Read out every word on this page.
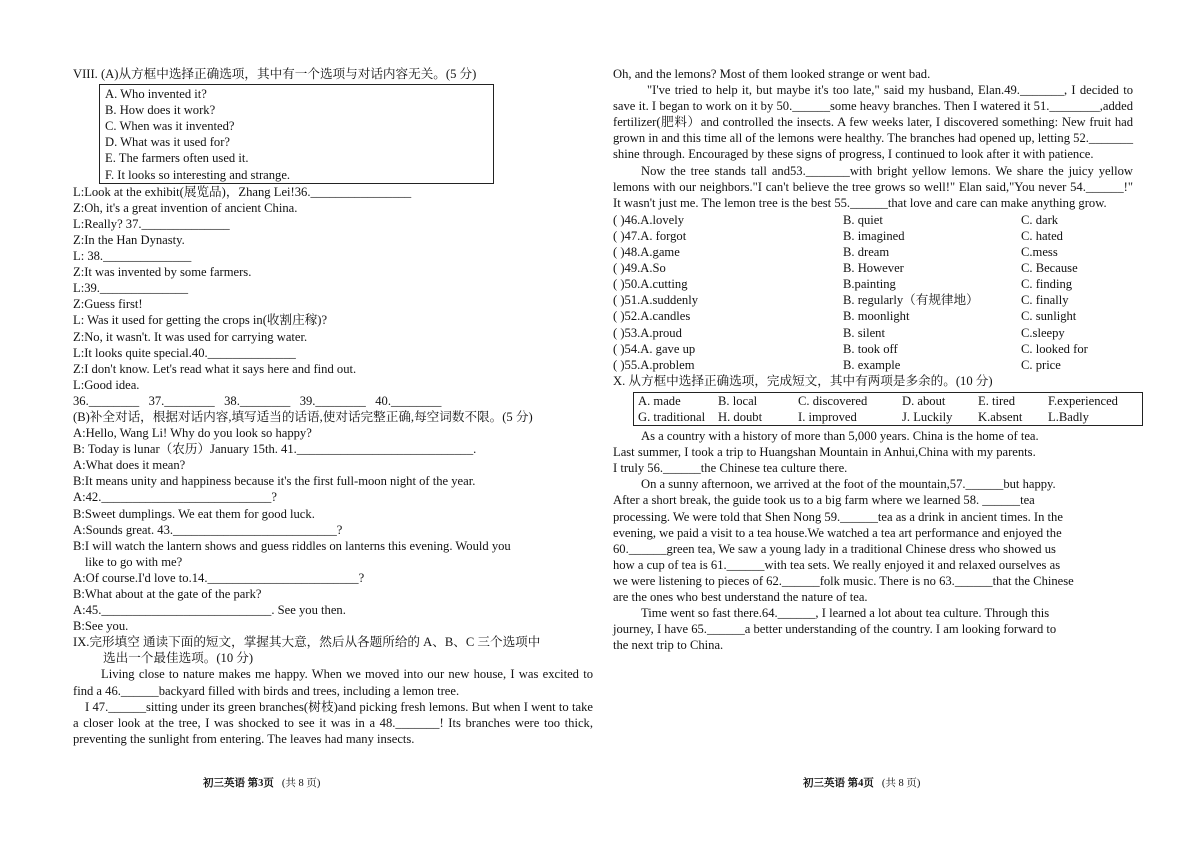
VIII. (A)从方框中选择正确选项，其中有一个选项与对话内容无关。(5 分)
A. Who invented it?
B. How does it work?
C. When was it invented?
D. What was it used for?
E. The farmers often used it.
F. It looks so interesting and strange.
L:Look at the exhibit(展览品)，Zhang Lei!36.________________
Z:Oh, it's a great invention of ancient China.
L:Really? 37.______________
Z:In the Han Dynasty.
L: 38.______________
Z:It was invented by some farmers.
L:39.______________
Z:Guess first!
L: Was it used for getting the crops in(收割庄稼)?
Z:No, it wasn't. It was used for carrying water.
L:It looks quite special.40.______________
Z:I don't know. Let's read what it says here and find out.
L:Good idea.
36.________   37.________   38.________   39.________   40.________
(B)补全对话，根据对话内容,填写适当的话语,使对话完整正确,每空词数不限。(5 分)
A:Hello, Wang Li! Why do you look so happy?
B: Today is lunar（农历）January 15th. 41.____________________________.
A:What does it mean?
B:It means unity and happiness because it's the first full-moon night of the year.
A:42.___________________________?
B:Sweet dumplings. We eat them for good luck.
A:Sounds great. 43.__________________________?
B:I will watch the lantern shows and guess riddles on lanterns this evening. Would you
like to go with me?
A:Of course.I'd love to.14.________________________?
B:What about at the gate of the park?
A:45.___________________________. See you then.
B:See you.
IX.完形填空 通读下面的短文，掌握其大意，然后从各题所给的 A、B、C 三个选项中
选出一个最佳选项。(10 分)
Living close to nature makes me happy. When we moved into our new house, I was excited to find a 46.______backyard filled with birds and trees, including a lemon tree.
I 47.______sitting under its green branches(树枝)and picking fresh lemons. But when I went to take a closer look at the tree, I was shocked to see it was in a 48._______! Its branches were too thick, preventing the sunlight from entering. The leaves had many insects.
Oh, and the lemons? Most of them looked strange or went bad.
"I've tried to help it, but maybe it's too late," said my husband, Elan.49._______, I decided to save it. I began to work on it by 50.______some heavy branches. Then I watered it 51.________,added fertilizer(肥料）and controlled the insects. A few weeks later, I discovered something: New fruit had grown in and this time all of the lemons were healthy. The branches had opened up, letting 52._______ shine through. Encouraged by these signs of progress, I continued to look after it with patience.
Now the tree stands tall and53._______with bright yellow lemons. We share the juicy yellow lemons with our neighbors."I can't believe the tree grows so well!" Elan said,"You never 54.______!" It wasn't just me. The lemon tree is the best 55.______that love and care can make anything grow.
( )46.A.lovely	B. quiet	C. dark
( )47.A. forgot	B. imagined	C. hated
( )48.A.game	B. dream	C.mess
( )49.A.So	B. However	C. Because
( )50.A.cutting	B.painting	C. finding
( )51.A.suddenly	B. regularly（有规律地）	C. finally
( )52.A.candles	B. moonlight	C. sunlight
( )53.A.proud	B. silent	C.sleepy
( )54.A. gave up	B. took off	C. looked for
( )55.A.problem	B. example	C. price
X. 从方框中选择正确选项，完成短文，其中有两项是多余的。(10 分)
A. made	B. local	C. discovered	D. about	E. tired	F.experienced
G. traditional H. doubt	I. improved	J. Luckily K.absent L.Badly
As a country with a history of more than 5,000 years. China is the home of tea.
Last summer, I took a trip to Huangshan Mountain in Anhui,China with my parents.
I truly 56.______the Chinese tea culture there.
On a sunny afternoon, we arrived at the foot of the mountain,57.______but happy.
After a short break, the guide took us to a big farm where we learned 58. ______tea
processing. We were told that Shen Nong 59.______tea as a drink in ancient times. In the
evening, we paid a visit to a tea house.We watched a tea art performance and enjoyed the
60.______green tea, We saw a young lady in a traditional Chinese dress who showed us
how a cup of tea is 61.______with tea sets. We really enjoyed it and relaxed ourselves as
we were listening to pieces of 62.______folk music. There is no 63.______that the Chinese
are the ones who best understand the nature of tea.
Time went so fast there.64.______, I learned a lot about tea culture. Through this
journey, I have 65.______a better understanding of the country. I am looking forward to
the next trip to China.
初三英语 第3页 (共 8 页)	初三英语 第4页 (共 8 页)
